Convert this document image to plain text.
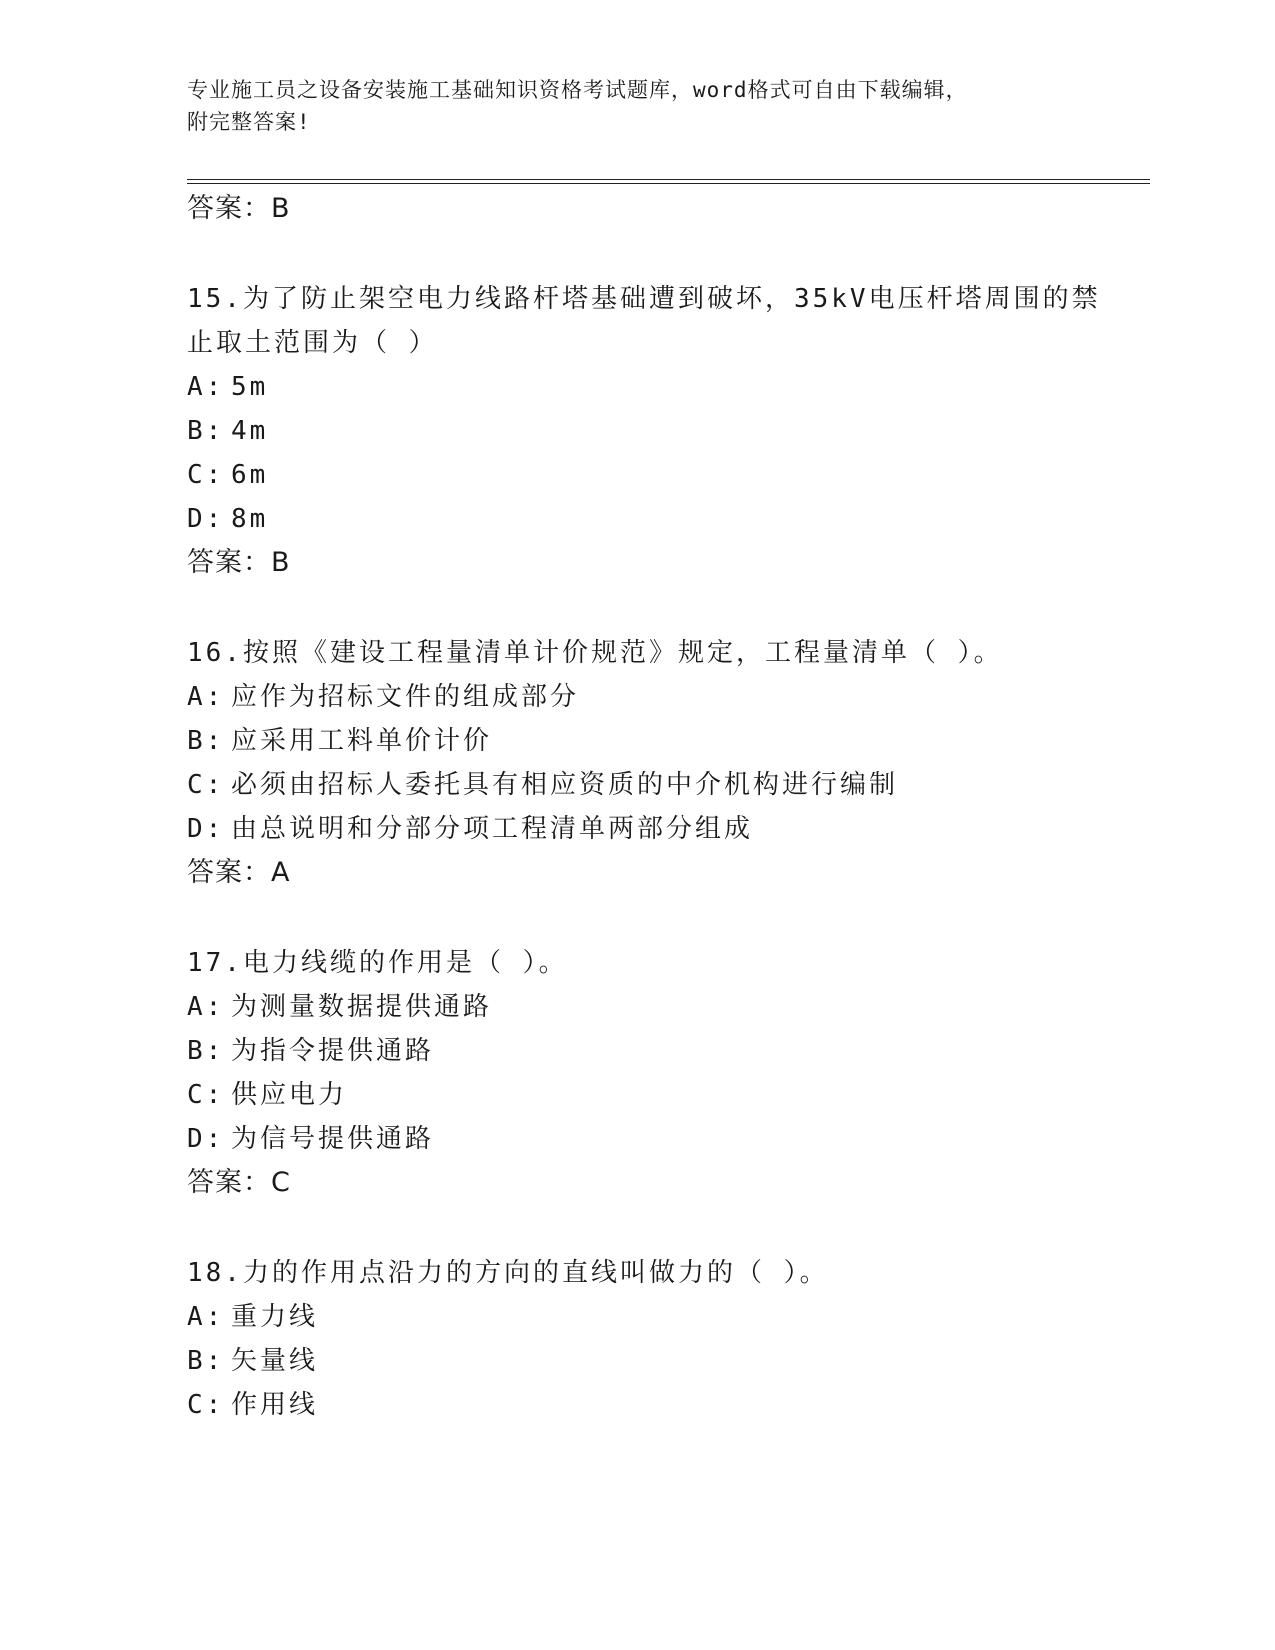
专业施工员之设备安装施工基础知识资格考试题库，word格式可自由下载编辑，
附完整答案!
答案：B
15.为了防止架空电力线路杆塔基础遭到破坏，35kV电压杆塔周围的禁
止取土范围为（ ）
A: 5m
B: 4m
C: 6m
D: 8m
答案：B
16.按照《建设工程量清单计价规范》规定，工程量清单（ ）。
A: 应作为招标文件的组成部分
B: 应采用工料单价计价
C: 必须由招标人委托具有相应资质的中介机构进行编制
D: 由总说明和分部分项工程清单两部分组成
答案：A
17.电力线缆的作用是（ ）。
A: 为测量数据提供通路
B: 为指令提供通路
C: 供应电力
D: 为信号提供通路
答案：C
18.力的作用点沿力的方向的直线叫做力的（ ）。
A: 重力线
B: 矢量线
C: 作用线
